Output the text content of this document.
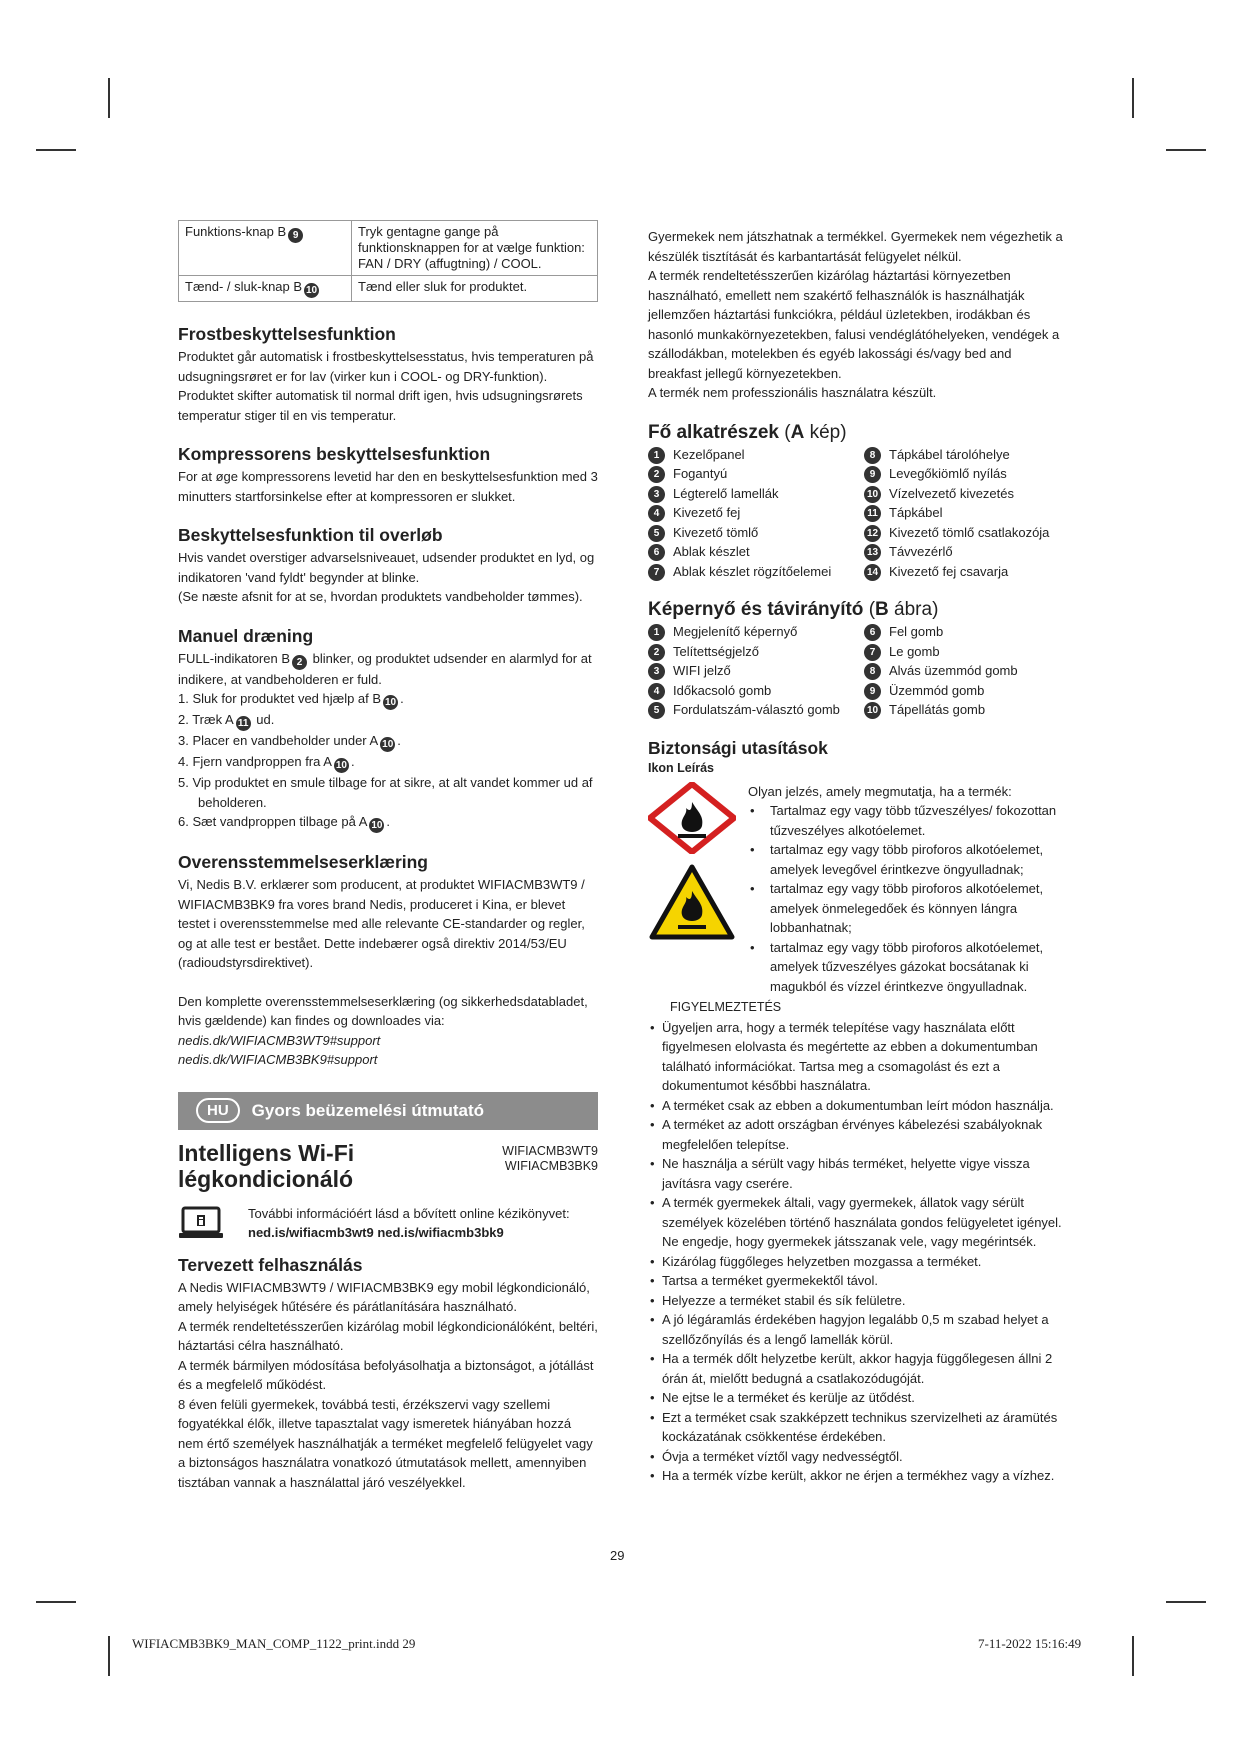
Funktions-knap B 9	Tryk gentagne gange på funktionsknappen for at vælge funktion: FAN / DRY (affugtning) / COOL.
Tænd- / sluk-knap B 10	Tænd eller sluk for produktet.
Frostbeskyttelsesfunktion

Produktet går automatisk i frostbeskyttelsesstatus, hvis temperaturen på udsugningsrøret er for lav (virker kun i COOL- og DRY-funktion).

Produktet skifter automatisk til normal drift igen, hvis udsugningsrørets temperatur stiger til en vis temperatur.

Kompressorens beskyttelsesfunktion

For at øge kompressorens levetid har den en beskyttelsesfunktion med 3 minutters startforsinkelse efter at kompressoren er slukket.

Beskyttelsesfunktion til overløb

Hvis vandet overstiger advarselsniveauet, udsender produktet en lyd, og indikatoren 'vand fyldt' begynder at blinke.

(Se næste afsnit for at se, hvordan produktets vandbeholder tømmes).

Manuel dræning

FULL-indikatoren B 2 blinker, og produktet udsender en alarmlyd for at indikere, at vandbeholderen er fuld.

1. Sluk for produktet ved hjælp af B 10 .
2. Træk A 11 ud.
3. Placer en vandbeholder under A 10 .
4. Fjern vandproppen fra A 10 .
5. Vip produktet en smule tilbage for at sikre, at alt vandet kommer ud af beholderen.
6. Sæt vandproppen tilbage på A 10 .
Overensstemmelseserklæring

Vi, Nedis B.V. erklærer som producent, at produktet WIFIACMB3WT9 / WIFIACMB3BK9 fra vores brand Nedis, produceret i Kina, er blevet testet i overensstemmelse med alle relevante CE-standarder og regler, og at alle test er bestået. Dette indebærer også direktiv 2014/53/EU (radioudstyrsdirektivet).

Den komplette overensstemmelseserklæring (og sikkerhedsdatabladet, hvis gældende) kan findes og downloades via:

nedis.dk/WIFIACMB3WT9#support

nedis.dk/WIFIACMB3BK9#support

HU	Gyors beüzemelési útmutató
Intelligens Wi-Fi
légkondicionáló
WIFIACMB3WT9
WIFIACMB3BK9
További információért lásd a bővített online kézikönyvet:
ned.is/wifiacmb3wt9 ned.is/wifiacmb3bk9
Tervezett felhasználás

A Nedis WIFIACMB3WT9 / WIFIACMB3BK9 egy mobil légkondicionáló, amely helyiségek hűtésére és párátlanítására használható.

A termék rendeltetésszerűen kizárólag mobil légkondicionálóként, beltéri, háztartási célra használható.

A termék bármilyen módosítása befolyásolhatja a biztonságot, a jótállást és a megfelelő működést.

8 éven felüli gyermekek, továbbá testi, érzékszervi vagy szellemi fogyatékkal élők, illetve tapasztalat vagy ismeretek hiányában hozzá nem értő személyek használhatják a terméket megfelelő felügyelet vagy a biztonságos használatra vonatkozó útmutatások mellett, amennyiben tisztában vannak a használattal járó veszélyekkel.

Gyermekek nem játszhatnak a termékkel. Gyermekek nem végezhetik a készülék tisztítását és karbantartását felügyelet nélkül.

A termék rendeltetésszerűen kizárólag háztartási környezetben használható, emellett nem szakértő felhasználók is használhatják jellemzően háztartási funkciókra, például üzletekben, irodákban és hasonló munkakörnyezetekben, falusi vendéglátóhelyeken, vendégek a szállodákban, motelekben és egyéb lakossági és/vagy bed and breakfast jellegű környezetekben.

A termék nem professzionális használatra készült.

Fő alkatrészek (A kép)
1	Kezelőpanel
2	Fogantyú
3	Légterelő lamellák
4	Kivezető fej
5	Kivezető tömlő
6	Ablak készlet
7	Ablak készlet rögzítőelemei
8	Tápkábel tárolóhelye
9	Levegőkiömlő nyílás
10 Vízelvezető kivezetés
11 Tápkábel
12 Kivezető tömlő csatlakozója
13 Távvezérlő
14 Kivezető fej csavarja
Képernyő és távirányító (B ábra)
1	Megjelenítő képernyő
2	Telítettségjelző
3	WIFI jelző
4	Időkacsoló gomb
5	Fordulatszám-választó gomb
6	Fel gomb
7	Le gomb
8	Alvás üzemmód gomb
9	Üzemmód gomb
10 Tápellátás gomb
Biztonsági utasítások
Ikon Leírás

Olyan jelzés, amely megmutatja, ha a termék:
• Tartalmaz egy vagy több tűzveszélyes/ fokozottan tűzveszélyes alkotóelemet.
• tartalmaz egy vagy több piroforos alkotóelemet, amelyek levegővel érintkezve öngyulladnak;
• tartalmaz egy vagy több piroforos alkotóelemet, amelyek önmelegedőek és könnyen lángra lobbanhatnak;
• tartalmaz egy vagy több piroforos alkotóelemet, amelyek tűzveszélyes gázokat bocsátanak ki magukból és vízzel érintkezve öngyulladnak.
FIGYELMEZTETÉS
• Ügyeljen arra, hogy a termék telepítése vagy használata előtt figyelmesen elolvasta és megértette az ebben a dokumentumban található információkat. Tartsa meg a csomagolást és ezt a dokumentumot későbbi használatra.
• A terméket csak az ebben a dokumentumban leírt módon használja.
• A terméket az adott országban érvényes kábelezési szabályoknak megfelelően telepítse.
• Ne használja a sérült vagy hibás terméket, helyette vigye vissza javításra vagy cserére.
• A termék gyermekek általi, vagy gyermekek, állatok vagy sérült személyek közelében történő használata gondos felügyeletet igényel. Ne engedje, hogy gyermekek játsszanak vele, vagy megérintsék.
• Kizárólag függőleges helyzetben mozgassa a terméket.
• Tartsa a terméket gyermekektől távol.
• Helyezze a terméket stabil és sík felületre.
• A jó légáramlás érdekében hagyjon legalább 0,5 m szabad helyet a szellőzőnyílás és a lengő lamellák körül.
• Ha a termék dőlt helyzetbe került, akkor hagyja függőlegesen állni 2 órán át, mielőtt bedugná a csatlakozódugóját.
• Ne ejtse le a terméket és kerülje az ütődést.
• Ezt a terméket csak szakképzett technikus szervizelheti az áramütés kockázatának csökkentése érdekében.
• Óvja a terméket víztől vagy nedvességtől.
• Ha a termék vízbe került, akkor ne érjen a termékhez vagy a vízhez.
29
WIFIACMB3BK9_MAN_COMP_1122_print.indd 29	7-11-2022 15:16:49
